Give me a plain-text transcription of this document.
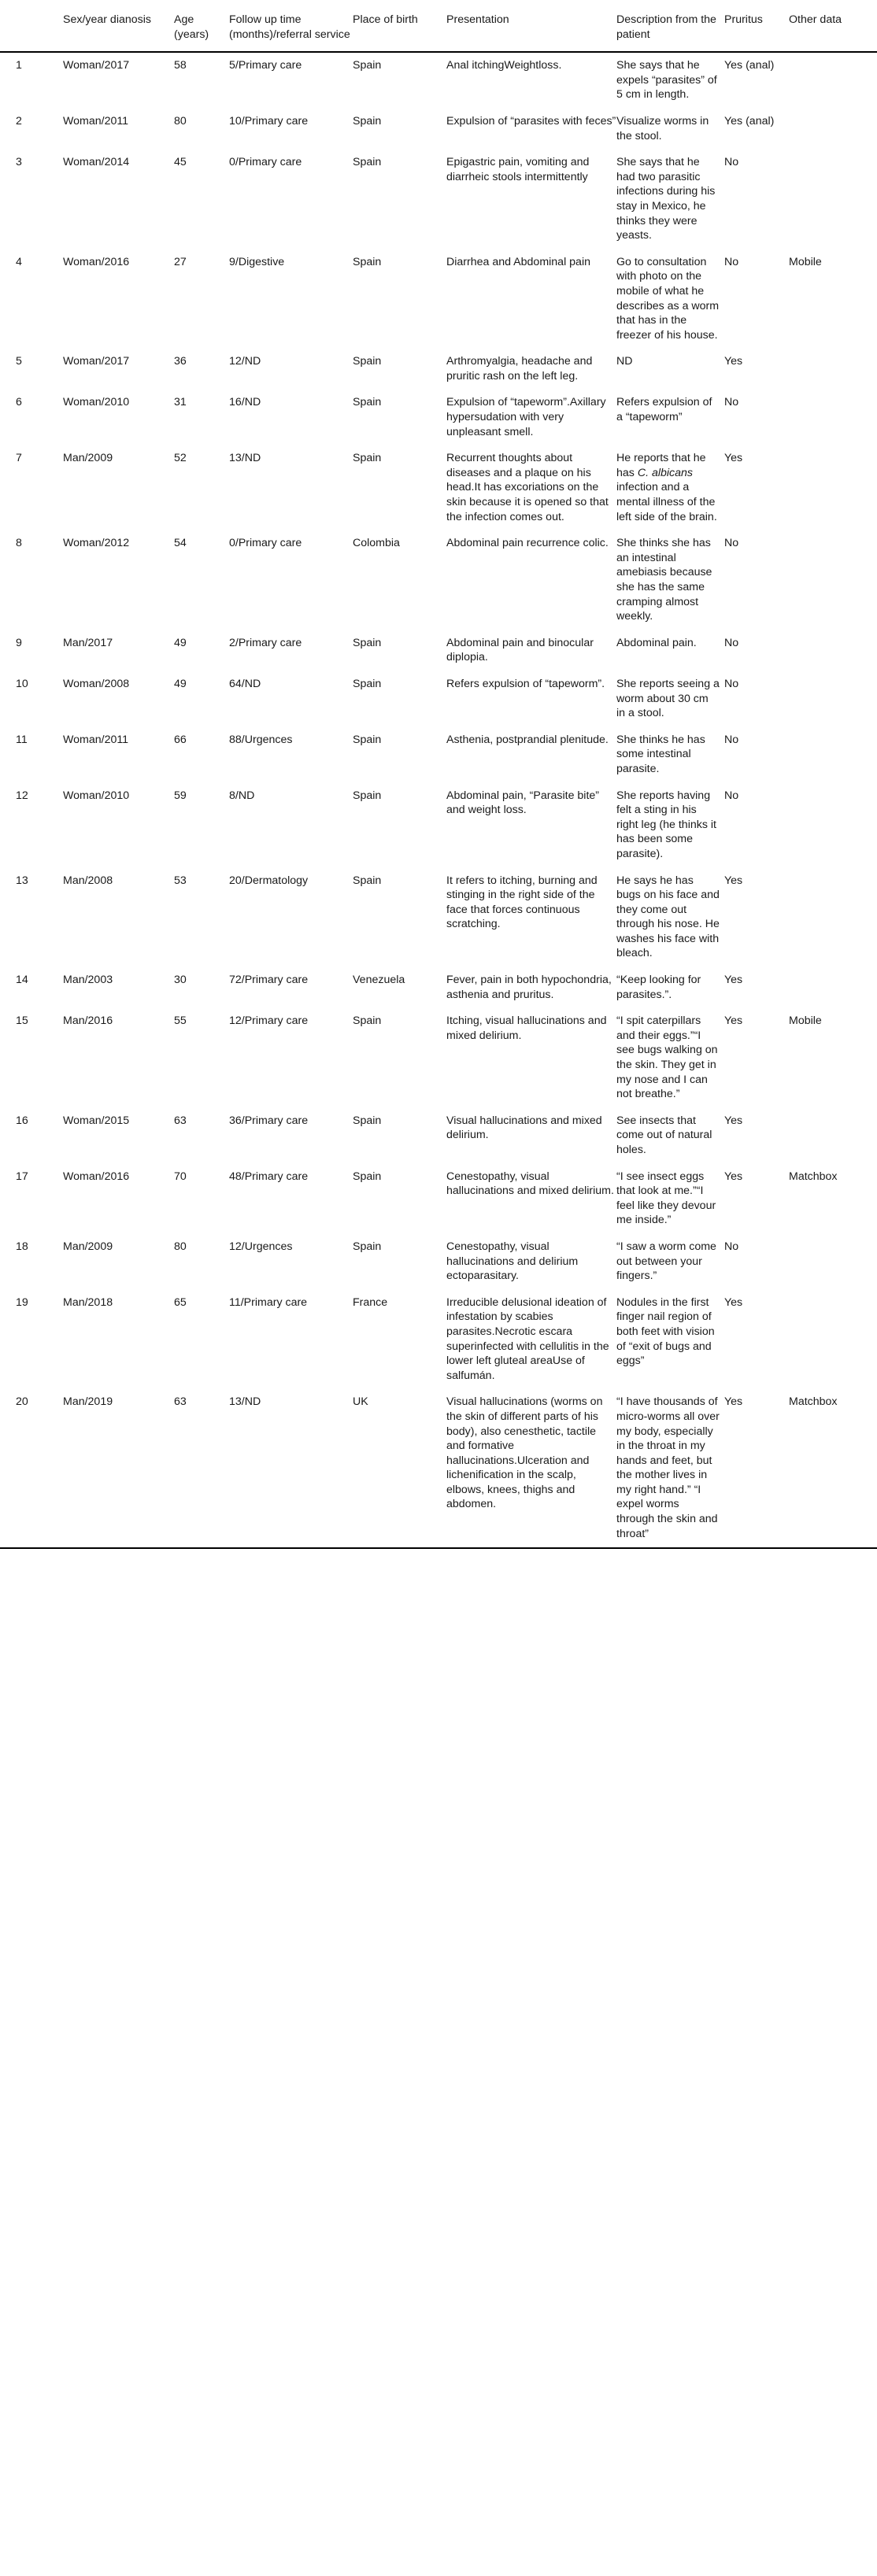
	Sex/year dianosis	Age (years)	Follow up time (months)/referral service	Place of birth	Presentation	Description from the patient	Pruritus	Other data
1	Woman/2017	58	5/Primary care	Spain	Anal itchingWeightloss.	She says that he expels “parasites” of 5 cm in length.	Yes (anal)	
2	Woman/2011	80	10/Primary care	Spain	Expulsion of “parasites with feces”	Visualize worms in the stool.	Yes (anal)	
3	Woman/2014	45	0/Primary care	Spain	Epigastric pain, vomiting and diarrheic stools intermittently	She says that he had two parasitic infections during his stay in Mexico, he thinks they were yeasts.	No	
4	Woman/2016	27	9/Digestive	Spain	Diarrhea and Abdominal pain	Go to consultation with photo on the mobile of what he describes as a worm that has in the freezer of his house.	No	Mobile
5	Woman/2017	36	12/ND	Spain	Arthromyalgia, headache and pruritic rash on the left leg.	ND	Yes	
6	Woman/2010	31	16/ND	Spain	Expulsion of “tapeworm”.Axillary hypersudation with very unpleasant smell.	Refers expulsion of a “tapeworm”	No	
7	Man/2009	52	13/ND	Spain	Recurrent thoughts about diseases and a plaque on his head.It has excoriations on the skin because it is opened so that the infection comes out.	He reports that he has C. albicans infection and a mental illness of the left side of the brain.	Yes	
8	Woman/2012	54	0/Primary care	Colombia	Abdominal pain recurrence colic.	She thinks she has an intestinal amebiasis because she has the same cramping almost weekly.	No	
9	Man/2017	49	2/Primary care	Spain	Abdominal pain and binocular diplopia.	Abdominal pain.	No	
10	Woman/2008	49	64/ND	Spain	Refers expulsion of “tapeworm”.	She reports seeing a worm about 30 cm in a stool.	No	
11	Woman/2011	66	88/Urgences	Spain	Asthenia, postprandial plenitude.	She thinks he has some intestinal parasite.	No	
12	Woman/2010	59	8/ND	Spain	Abdominal pain, “Parasite bite” and weight loss.	She reports having felt a sting in his right leg (he thinks it has been some parasite).	No	
13	Man/2008	53	20/Dermatology	Spain	It refers to itching, burning and stinging in the right side of the face that forces continuous scratching.	He says he has bugs on his face and they come out through his nose. He washes his face with bleach.	Yes	
14	Man/2003	30	72/Primary care	Venezuela	Fever, pain in both hypochondria, asthenia and pruritus.	“Keep looking for parasites.”.	Yes	
15	Man/2016	55	12/Primary care	Spain	Itching, visual hallucinations and mixed delirium.	“I spit caterpillars and their eggs.”“I see bugs walking on the skin. They get in my nose and I can not breathe.”	Yes	Mobile
16	Woman/2015	63	36/Primary care	Spain	Visual hallucinations and mixed delirium.	See insects that come out of natural holes.	Yes	
17	Woman/2016	70	48/Primary care	Spain	Cenestopathy, visual hallucinations and mixed delirium.	“I see insect eggs that look at me.”“I feel like they devour me inside.”	Yes	Matchbox
18	Man/2009	80	12/Urgences	Spain	Cenestopathy, visual hallucinations and delirium ectoparasitary.	“I saw a worm come out between your fingers.”	No	
19	Man/2018	65	11/Primary care	France	Irreducible delusional ideation of infestation by scabies parasites.Necrotic escara superinfected with cellulitis in the lower left gluteal areaUse of salfumán.	Nodules in the first finger nail region of both feet with vision of “exit of bugs and eggs”	Yes	
20	Man/2019	63	13/ND	UK	Visual hallucinations (worms on the skin of different parts of his body), also cenesthetic, tactile and formative hallucinations.Ulceration and lichenification in the scalp, elbows, knees, thighs and abdomen.	“I have thousands of micro-worms all over my body, especially in the throat in my hands and feet, but the mother lives in my right hand.” “I expel worms through the skin and throat”	Yes	Matchbox
